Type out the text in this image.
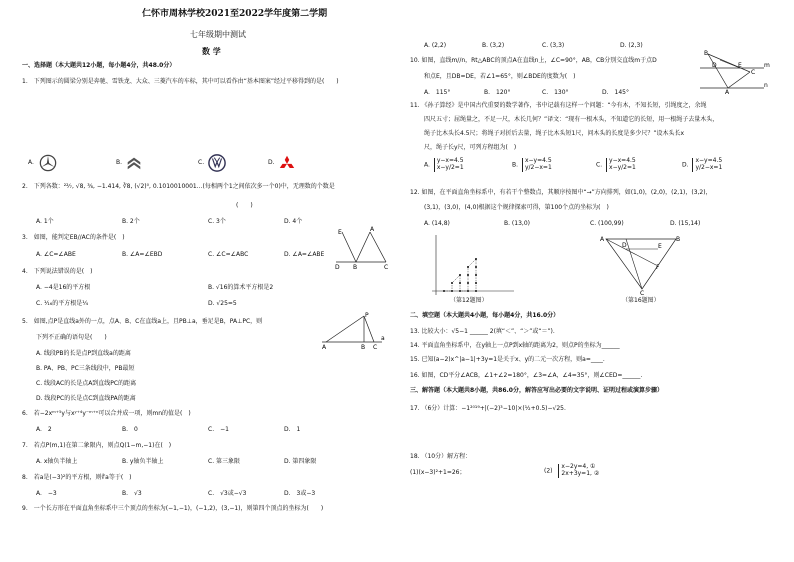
仁怀市周林学校2021至2022学年度第二学期
七年级期中测试
数 学
一、选择题（本大题共12小题，每小题4分，共48.0分）
1.　下列图示的圆梁分别是奔驰、雪铁龙、大众、三菱汽车的车标，其中可以看作由“基本图案”经过平移得到的是(　　)
A.	B.	C.	D.
2.　下列各数：²²⁄₇, √8, ³⁄₈, −1.414, ∛8, (√2)⁰, 0.1010010001...(每相两个1之间依次多一个0)中，无理数的个数是
(　　)
A. 1个	B. 2个	C. 3个	D. 4个
3.　如图，能判定EB//AC的条件是(　)
A. ∠C=∠ABE	B. ∠A=∠EBD	C. ∠C=∠ABC	D. ∠A=∠ABE
E	A
D B	C
4.　下列说法错误的是(　)
A. −4是16的平方根	B. √16的算术平方根是2
C. ¹⁄₁₆的平方根是¹⁄₄	D. √25=5
5.　如图,点P是直线a外的一点，点A、B、C在直线a上，且PB⊥a，垂足是B，PA⊥PC，则
下列不正确的语句是(　　)
A. 线段PB的长是点P到直线a的距离
B. PA、PB、PC三条线段中，PB最短
C. 线段AC的长是点A到直线PC的距离
D. 线段PC的长是点C到直线PA的距离
P
A	B C
a
6.　若−2xᵐ⁺⁵y与xʸ⁺⁴y⁻ᵐ⁺ⁿ可以合并成一项，则mn的值是(　)
A.　2	B.　0	C.　−1	D.　1
7.　若点P(m,1)在第二象限内，则点Q(1−m,−1)在(　)
A. x轴负半轴上	B. y轴负半轴上	C. 第三象限	D. 第四象限
8.　若a是(−3)²的平方根，则∜a等于(　)
A.　−3	B.　√3	C.　√3或−√3	D.　3或−3
9.　一个长方形在平面直角坐标系中三个顶点的坐标为(−1,−1)，(−1,2)，(3,−1)，则第四个顶点的坐标为(　　)
A. (2,2)	B. (3,2)	C. (3,3)	D. (2,3)
10. 如图，直线m//n，Rt△ABC的顶点A在直线n上，∠C=90°，AB，CB分别交直线m于点D
和点E，且DB=DE，若∠1=65°，则∠BDE的度数为(　)
A.　115°	B.　120°	C.　130°	D.　145°
B
D	E
C
A
m
n
11. 《孙子算经》是中国古代重要的数学著作，书中记载有这样一个问题：“今有木，不知长短，引绳度之，余绳
四尺五寸；屈绳量之，不足一尺，木长几何？”译文：“现有一根木头，不知道它的长短，用一根绳子去量木头，
绳子比木头长4.5尺；将绳子对折后去量，绳子比木头短1尺，问木头的长度是多少尺？”设木头长x
尺，绳子长y尺，可列方程组为(　)
A.
y−x=4.5
x−y/2=1	B.
x−y=4.5
y/2−x=1	C.
y−x=4.5
x−y/2=1	D.
x−y=4.5
y/2−x=1
12. 如图，在平面直角坐标系中，有若干个整数点，其顺序按图中“→”方向排列，如(1,0)，(2,0)，(2,1)，(3,2)，
(3,1)，(3,0)，(4,0)根据这个规律探索可得，第100个点的坐标为(　)
A. (14,8)	B. (13,0)	C. (100,99)	D. (15,14)
（第12题图）
C
A
E
B
D
F
（第16题图）
二、填空题（本大题共4小题，每小题4分，共16.0分）
13. 比较大小：√5−1 ______ 2(填“＜”、“＞”或“＝”).
14. 平面直角坐标系中，在y轴上一点P到x轴的距离为2，则点P的坐标为______
15. 已知(a−2)x^|a−1|+3y=1是关于x、y的二元一次方程，则a=____.
16. 如图，CD平分∠ACB，∠1+∠2=180°，∠3=∠A，∠4=35°，则∠CED=______.
三、解答题（本大题共8小题，共86.0分，解答应写出必要的文字说明、证明过程或演算步骤）
17. （6分）计算：−1²⁰¹⁹+|(−2)³−10|×(¹⁄₂+0.5)−√25.
18. （10分）解方程：
(1)(x−3)²+1=26；	(2)
x−2y=4, ①
2x+3y=1, ②
